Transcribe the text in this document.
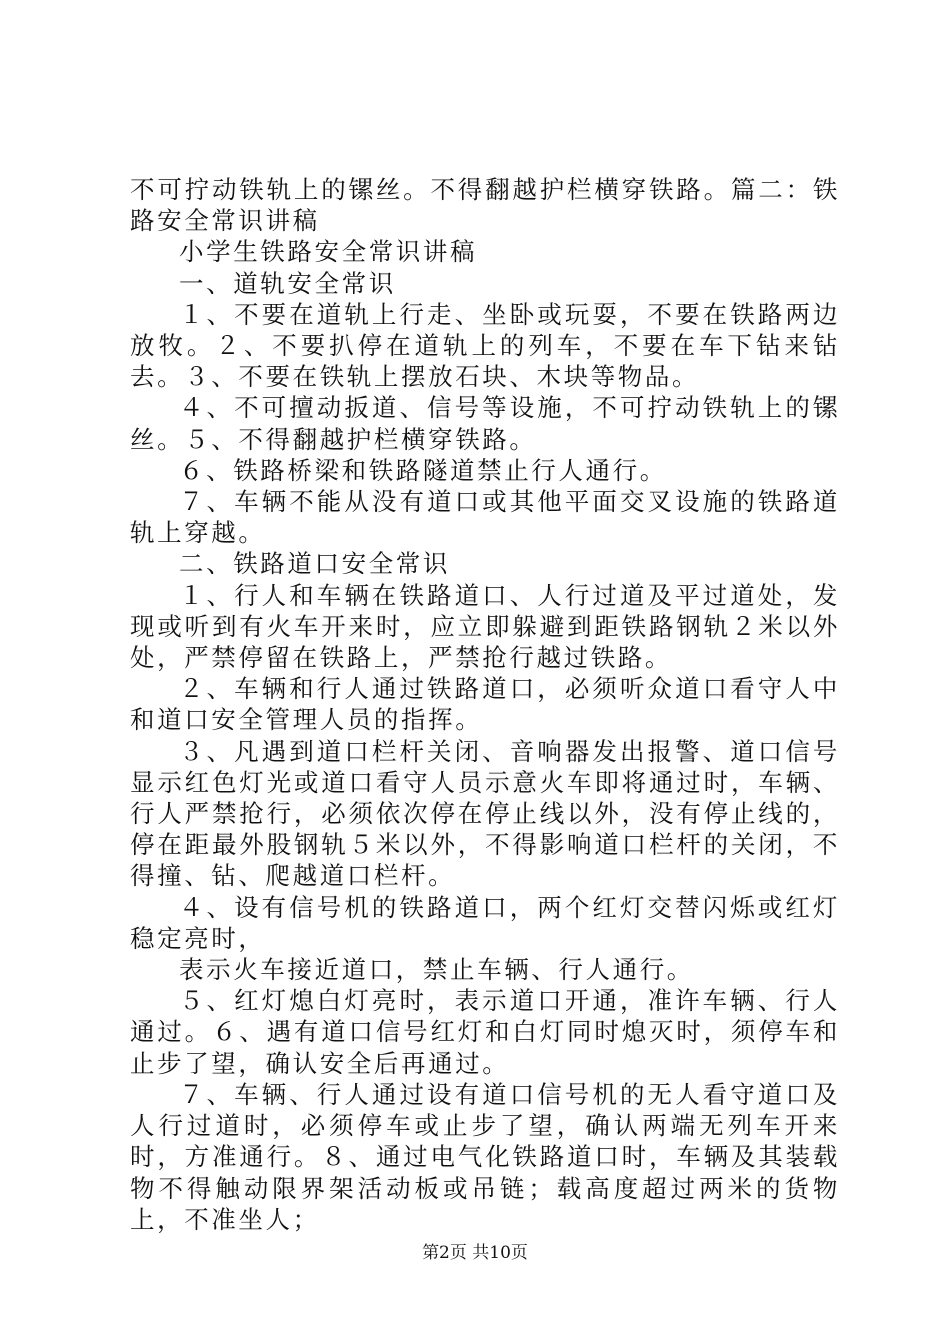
不可拧动铁轨上的镙丝。不得翻越护栏横穿铁路。篇二：铁路安全常识讲稿

小学生铁路安全常识讲稿

一、道轨安全常识

１、不要在道轨上行走、坐卧或玩耍，不要在铁路两边放牧。２、不要扒停在道轨上的列车，不要在车下钻来钻去。３、不要在铁轨上摆放石块、木块等物品。

４、不可擅动扳道、信号等设施，不可拧动铁轨上的镙丝。５、不得翻越护栏横穿铁路。

６、铁路桥梁和铁路隧道禁止行人通行。

７、车辆不能从没有道口或其他平面交叉设施的铁路道轨上穿越。

二、铁路道口安全常识

１、行人和车辆在铁路道口、人行过道及平过道处，发现或听到有火车开来时，应立即躲避到距铁路钢轨２米以外处，严禁停留在铁路上，严禁抢行越过铁路。

２、车辆和行人通过铁路道口，必须听众道口看守人中和道口安全管理人员的指挥。

３、凡遇到道口栏杆关闭、音响器发出报警、道口信号显示红色灯光或道口看守人员示意火车即将通过时，车辆、行人严禁抢行，必须依次停在停止线以外，没有停止线的，停在距最外股钢轨５米以外，不得影响道口栏杆的关闭，不得撞、钻、爬越道口栏杆。

４、设有信号机的铁路道口，两个红灯交替闪烁或红灯稳定亮时，

表示火车接近道口，禁止车辆、行人通行。

５、红灯熄白灯亮时，表示道口开通，准许车辆、行人通过。６、遇有道口信号红灯和白灯同时熄灭时，须停车和止步了望，确认安全后再通过。

７、车辆、行人通过设有道口信号机的无人看守道口及人行过道时，必须停车或止步了望，确认两端无列车开来时，方准通行。８、通过电气化铁路道口时，车辆及其装载物不得触动限界架活动板或吊链；载高度超过两米的货物上，不准坐人；

第2页 共10页
